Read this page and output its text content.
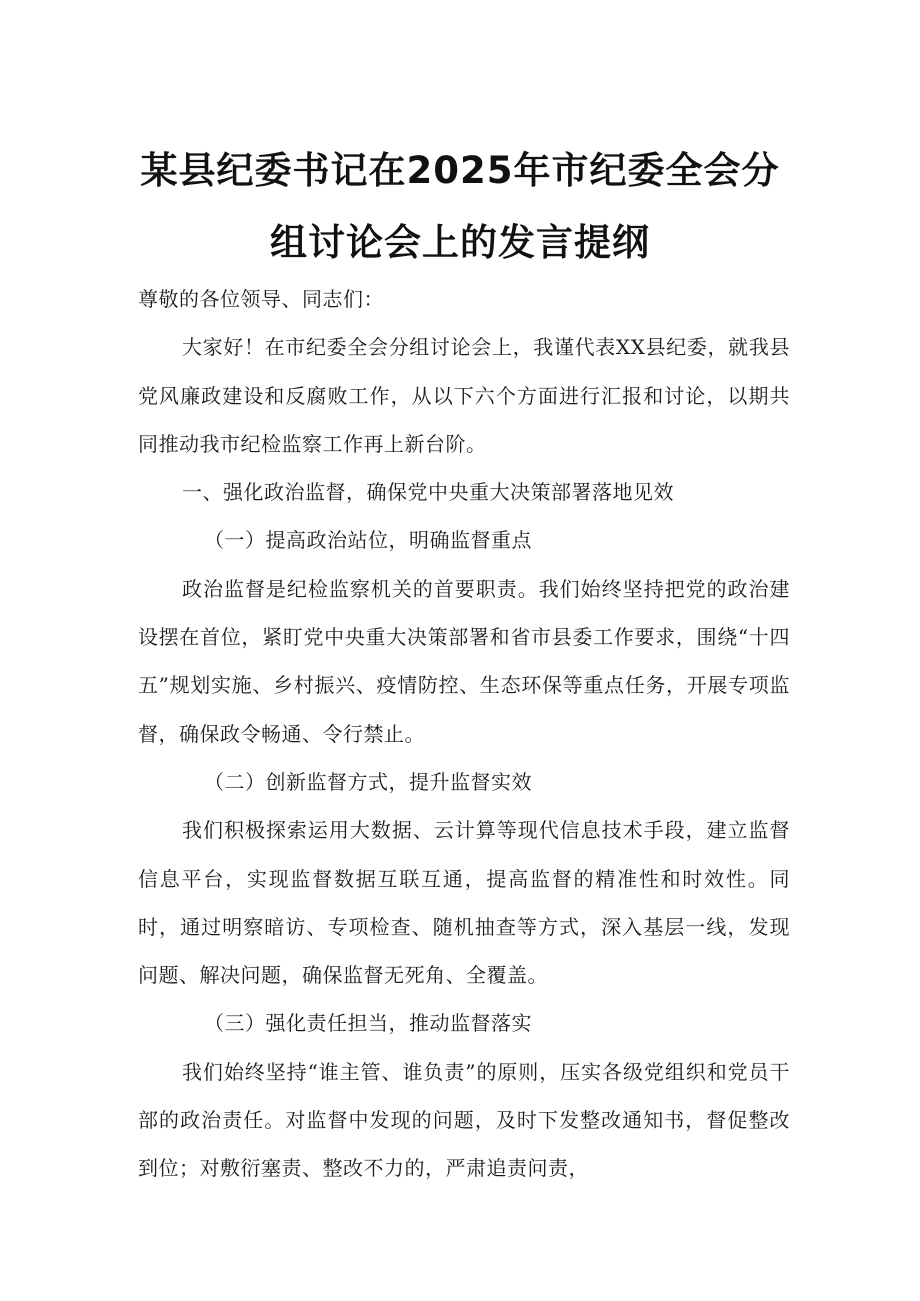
某县纪委书记在2025年市纪委全会分
组讨论会上的发言提纲

尊敬的各位领导、同志们：

大家好！在市纪委全会分组讨论会上，我谨代表XX县纪委，就我县党风廉政建设和反腐败工作，从以下六个方面进行汇报和讨论，以期共同推动我市纪检监察工作再上新台阶。

一、强化政治监督，确保党中央重大决策部署落地见效

（一）提高政治站位，明确监督重点

政治监督是纪检监察机关的首要职责。我们始终坚持把党的政治建设摆在首位，紧盯党中央重大决策部署和省市县委工作要求，围绕“十四五”规划实施、乡村振兴、疫情防控、生态环保等重点任务，开展专项监督，确保政令畅通、令行禁止。

（二）创新监督方式，提升监督实效

我们积极探索运用大数据、云计算等现代信息技术手段，建立监督信息平台，实现监督数据互联互通，提高监督的精准性和时效性。同时，通过明察暗访、专项检查、随机抽查等方式，深入基层一线，发现问题、解决问题，确保监督无死角、全覆盖。

（三）强化责任担当，推动监督落实

我们始终坚持“谁主管、谁负责”的原则，压实各级党组织和党员干部的政治责任。对监督中发现的问题，及时下发整改通知书，督促整改到位；对敷衍塞责、整改不力的，严肃追责问责，
